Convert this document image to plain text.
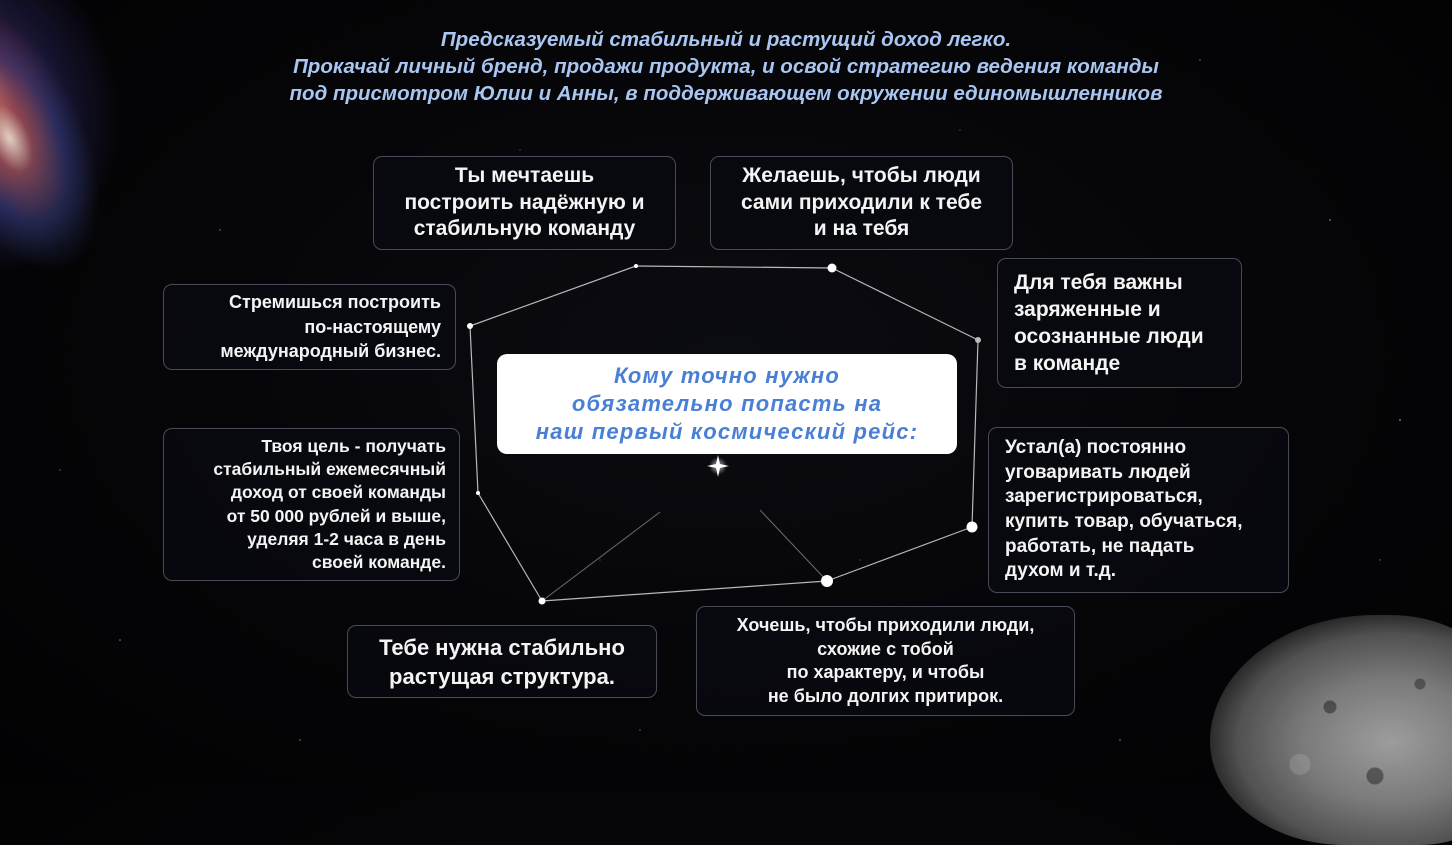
Предсказуемый стабильный и растущий доход легко.
Прокачай личный бренд, продажи продукта, и освой стратегию ведения команды
под присмотром Юлии и Анны, в поддерживающем окружении единомышленников
Кому точно нужно
обязательно попасть на
наш первый космический рейс:
Ты мечтаешь
построить надёжную и
стабильную команду
Желаешь, чтобы люди
сами приходили к тебе
и на тебя
Для тебя важны
заряженные и
осознанные люди
в команде
Устал(а) постоянно
уговаривать людей
зарегистрироваться,
купить товар, обучаться,
работать, не падать
духом и т.д.
Хочешь, чтобы приходили люди,
схожие с тобой
по характеру, и чтобы
не было долгих притирок.
Тебе нужна стабильно
растущая структура.
Твоя цель - получать
стабильный ежемесячный
доход от своей команды
от 50 000 рублей и выше,
уделяя 1-2 часа в день
своей команде.
Стремишься построить
по-настоящему
международный бизнес.
